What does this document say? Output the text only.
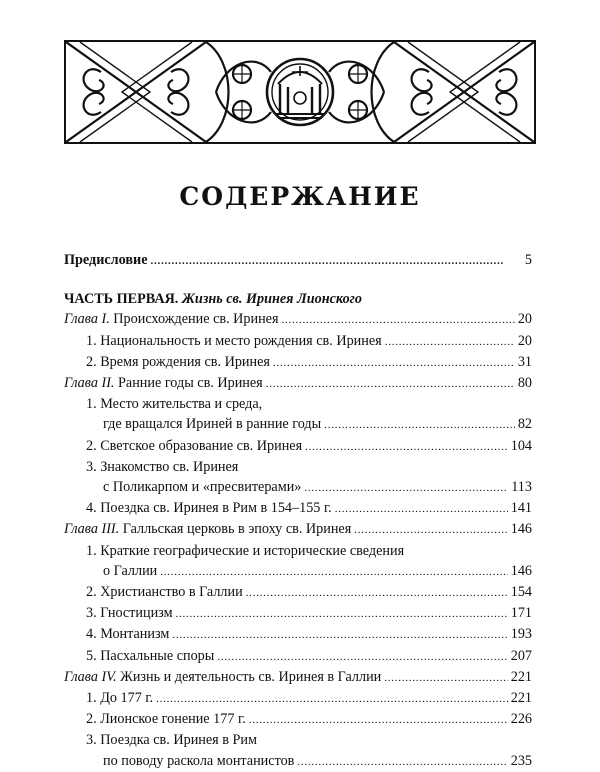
СОДЕРЖАНИЕ
Предисловие . . .	5
ЧАСТЬ ПЕРВАЯ. Жизнь св. Иринея Лионского
Глава I. Происхождение св. Иринея . . .	20
1. Национальность и место рождения св. Иринея . . .	20
2. Время рождения св. Иринея . . .	31
Глава II. Ранние годы св. Иринея . . .	80
1. Место жительства и среда,
где вращался Ириней в ранние годы . . .	82
2. Светское образование св. Иринея . . .	104
3. Знакомство св. Иринея
с Поликарпом и «пресвитерами» . . .	113
4. Поездка св. Иринея в Рим в 154–155 г. . . .	141
Глава III. Галльская церковь в эпоху св. Иринея . . .	146
1. Краткие географические и исторические сведения
о Галлии . . .	146
2. Христианство в Галлии . . .	154
3. Гностицизм . . .	171
4. Монтанизм . . .	193
5. Пасхальные споры . . .	207
Глава IV. Жизнь и деятельность св. Иринея в Галлии . . .	221
1. До 177 г. . . .	221
2. Лионское гонение 177 г. . . .	226
3. Поездка св. Иринея в Рим
по поводу раскола монтанистов . . .	235
